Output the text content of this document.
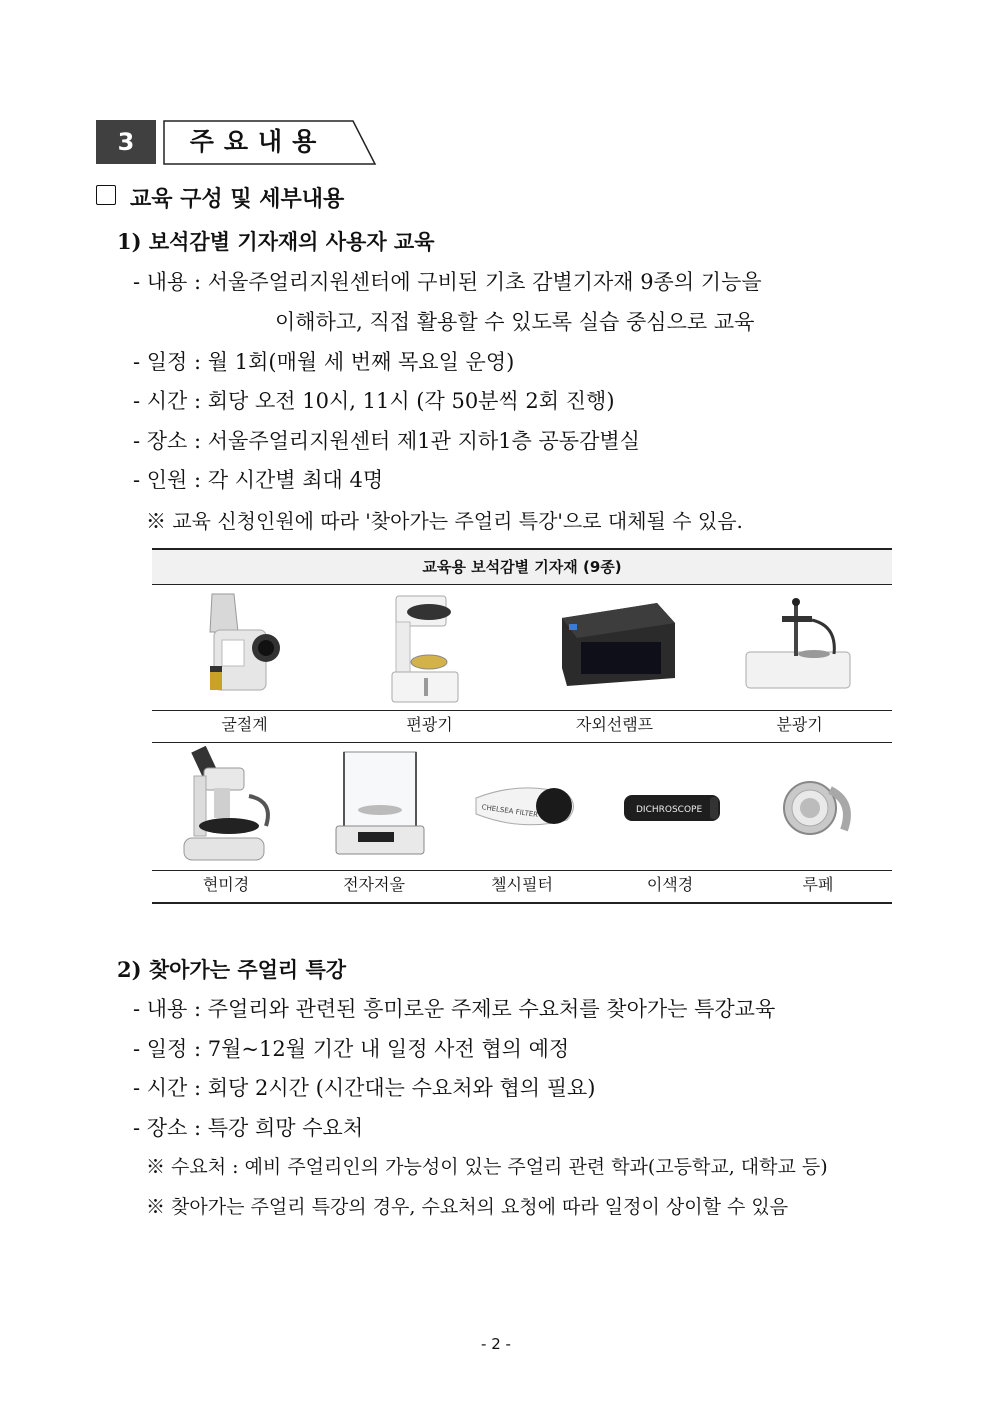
3	주요내용
교육 구성 및 세부내용
1) 보석감별 기자재의 사용자 교육
- 내용 : 서울주얼리지원센터에 구비된 기초 감별기자재 9종의 기능을
이해하고, 직접 활용할 수 있도록 실습 중심으로 교육
- 일정 : 월 1회(매월 세 번째 목요일 운영)
- 시간 : 회당 오전 10시, 11시 (각 50분씩 2회 진행)
- 장소 : 서울주얼리지원센터 제1관 지하1층 공동감별실
- 인원 : 각 시간별 최대 4명
※ 교육 신청인원에 따라 '찾아가는 주얼리 특강'으로 대체될 수 있음.
교육용 보석감별 기자재 (9종)
굴절계	편광기	자외선램프	분광기
CHELSEA FILTER	DICHROSCOPE
현미경	전자저울	첼시필터	이색경	루페
2) 찾아가는 주얼리 특강
- 내용 : 주얼리와 관련된 흥미로운 주제로 수요처를 찾아가는 특강교육
- 일정 : 7월~12월 기간 내 일정 사전 협의 예정
- 시간 : 회당 2시간 (시간대는 수요처와 협의 필요)
- 장소 : 특강 희망 수요처
※ 수요처 : 예비 주얼리인의 가능성이 있는 주얼리 관련 학과(고등학교, 대학교 등)
※ 찾아가는 주얼리 특강의 경우, 수요처의 요청에 따라 일정이 상이할 수 있음
- 2 -
